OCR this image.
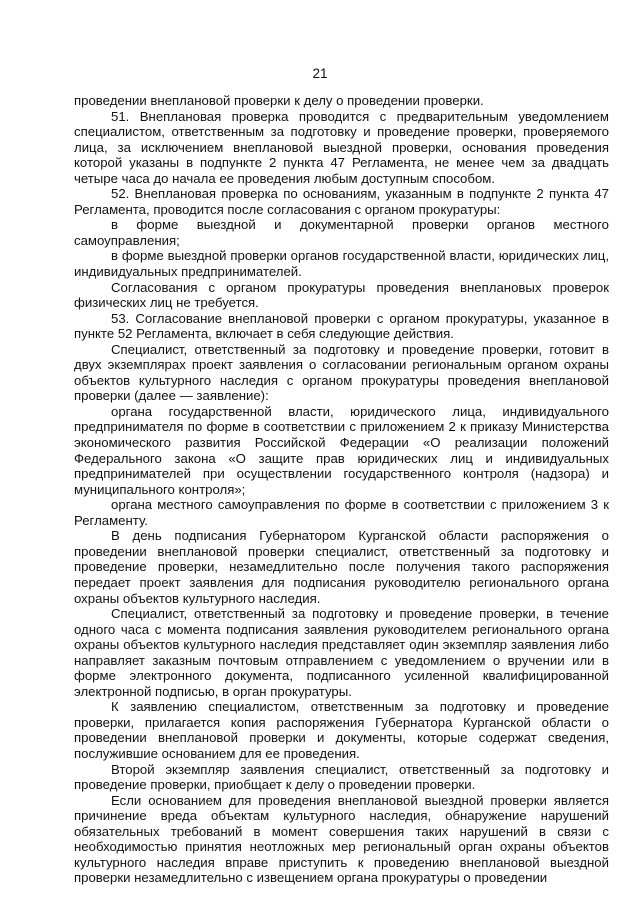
21

проведении внеплановой проверки к делу о проведении проверки.

51. Внеплановая проверка проводится с предварительным уведомлением специалистом, ответственным за подготовку и проведение проверки, проверяемого лица, за исключением внеплановой выездной проверки, основания проведения которой указаны в подпункте 2 пункта 47 Регламента, не менее чем за двадцать четыре часа до начала ее проведения любым доступным способом.

52. Внеплановая проверка по основаниям, указанным в подпункте 2 пункта 47 Регламента, проводится после согласования с органом прокуратуры:

в форме выездной и документарной проверки органов местного самоуправления;

в форме выездной проверки органов государственной власти, юридических лиц, индивидуальных предпринимателей.

Согласования с органом прокуратуры проведения внеплановых проверок физических лиц не требуется.

53. Согласование внеплановой проверки с органом прокуратуры, указанное в пункте 52 Регламента, включает в себя следующие действия.

Специалист, ответственный за подготовку и проведение проверки, готовит в двух экземплярах проект заявления о согласовании региональным органом охраны объектов культурного наследия с органом прокуратуры проведения внеплановой проверки (далее — заявление):

органа государственной власти, юридического лица, индивидуального предпринимателя по форме в соответствии с приложением 2 к приказу Министерства экономического развития Российской Федерации «О реализации положений Федерального закона «О защите прав юридических лиц и индивидуальных предпринимателей при осуществлении государственного контроля (надзора) и муниципального контроля»;

органа местного самоуправления по форме в соответствии с приложением 3 к Регламенту.

В день подписания Губернатором Курганской области распоряжения о проведении внеплановой проверки специалист, ответственный за подготовку и проведение проверки, незамедлительно после получения такого распоряжения передает проект заявления для подписания руководителю регионального органа охраны объектов культурного наследия.

Специалист, ответственный за подготовку и проведение проверки, в течение одного часа с момента подписания заявления руководителем регионального органа охраны объектов культурного наследия представляет один экземпляр заявления либо направляет заказным почтовым отправлением с уведомлением о вручении или в форме электронного документа, подписанного усиленной квалифицированной электронной подписью, в орган прокуратуры.

К заявлению специалистом, ответственным за подготовку и проведение проверки, прилагается копия распоряжения Губернатора Курганской области о проведении внеплановой проверки и документы, которые содержат сведения, послужившие основанием для ее проведения.

Второй экземпляр заявления специалист, ответственный за подготовку и проведение проверки, приобщает к делу о проведении проверки.

Если основанием для проведения внеплановой выездной проверки является причинение вреда объектам культурного наследия, обнаружение нарушений обязательных требований в момент совершения таких нарушений в связи с необходимостью принятия неотложных мер региональный орган охраны объектов культурного наследия вправе приступить к проведению внеплановой выездной проверки незамедлительно с извещением органа прокуратуры о проведении
